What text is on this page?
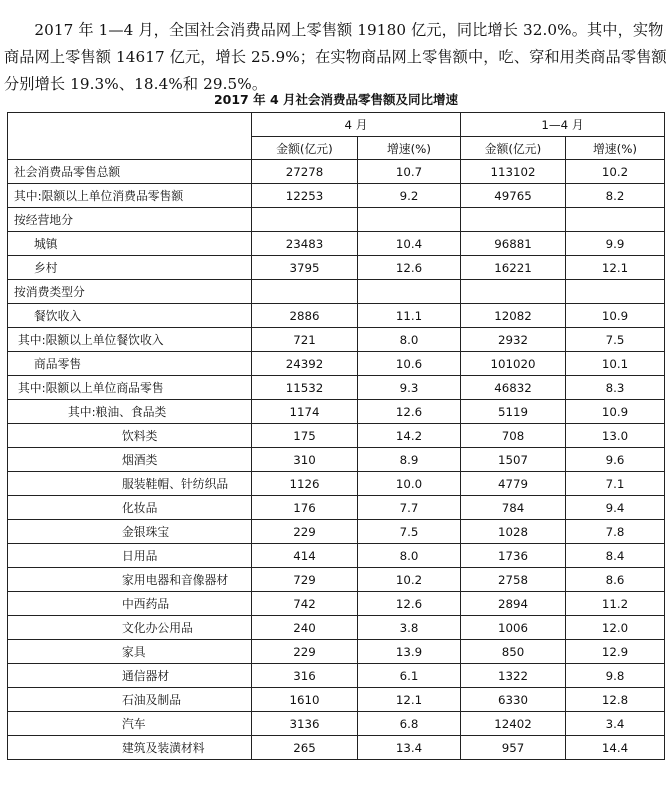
2017 年 1—4 月，全国社会消费品网上零售额 19180 亿元，同比增长 32.0%。其中，实物商品网上零售额 14617 亿元，增长 25.9%；在实物商品网上零售额中，吃、穿和用类商品零售额分别增长 19.3%、18.4%和 29.5%。

2017 年 4 月社会消费品零售额及同比增速
	4 月		1—4 月	
	金额(亿元)	增速(%)	金额(亿元)	增速(%)
社会消费品零售总额	27278	10.7	113102	10.2
其中:限额以上单位消费品零售额	12253	9.2	49765	8.2
按经营地分				
城镇	23483	10.4	96881	9.9
乡村	3795	12.6	16221	12.1
按消费类型分				
餐饮收入	2886	11.1	12082	10.9
其中:限额以上单位餐饮收入	721	8.0	2932	7.5
商品零售	24392	10.6	101020	10.1
其中:限额以上单位商品零售	11532	9.3	46832	8.3
其中:粮油、食品类	1174	12.6	5119	10.9
饮料类	175	14.2	708	13.0
烟酒类	310	8.9	1507	9.6
服装鞋帽、针纺织品	1126	10.0	4779	7.1
化妆品	176	7.7	784	9.4
金银珠宝	229	7.5	1028	7.8
日用品	414	8.0	1736	8.4
家用电器和音像器材	729	10.2	2758	8.6
中西药品	742	12.6	2894	11.2
文化办公用品	240	3.8	1006	12.0
家具	229	13.9	850	12.9
通信器材	316	6.1	1322	9.8
石油及制品	1610	12.1	6330	12.8
汽车	3136	6.8	12402	3.4
建筑及装潢材料	265	13.4	957	14.4
